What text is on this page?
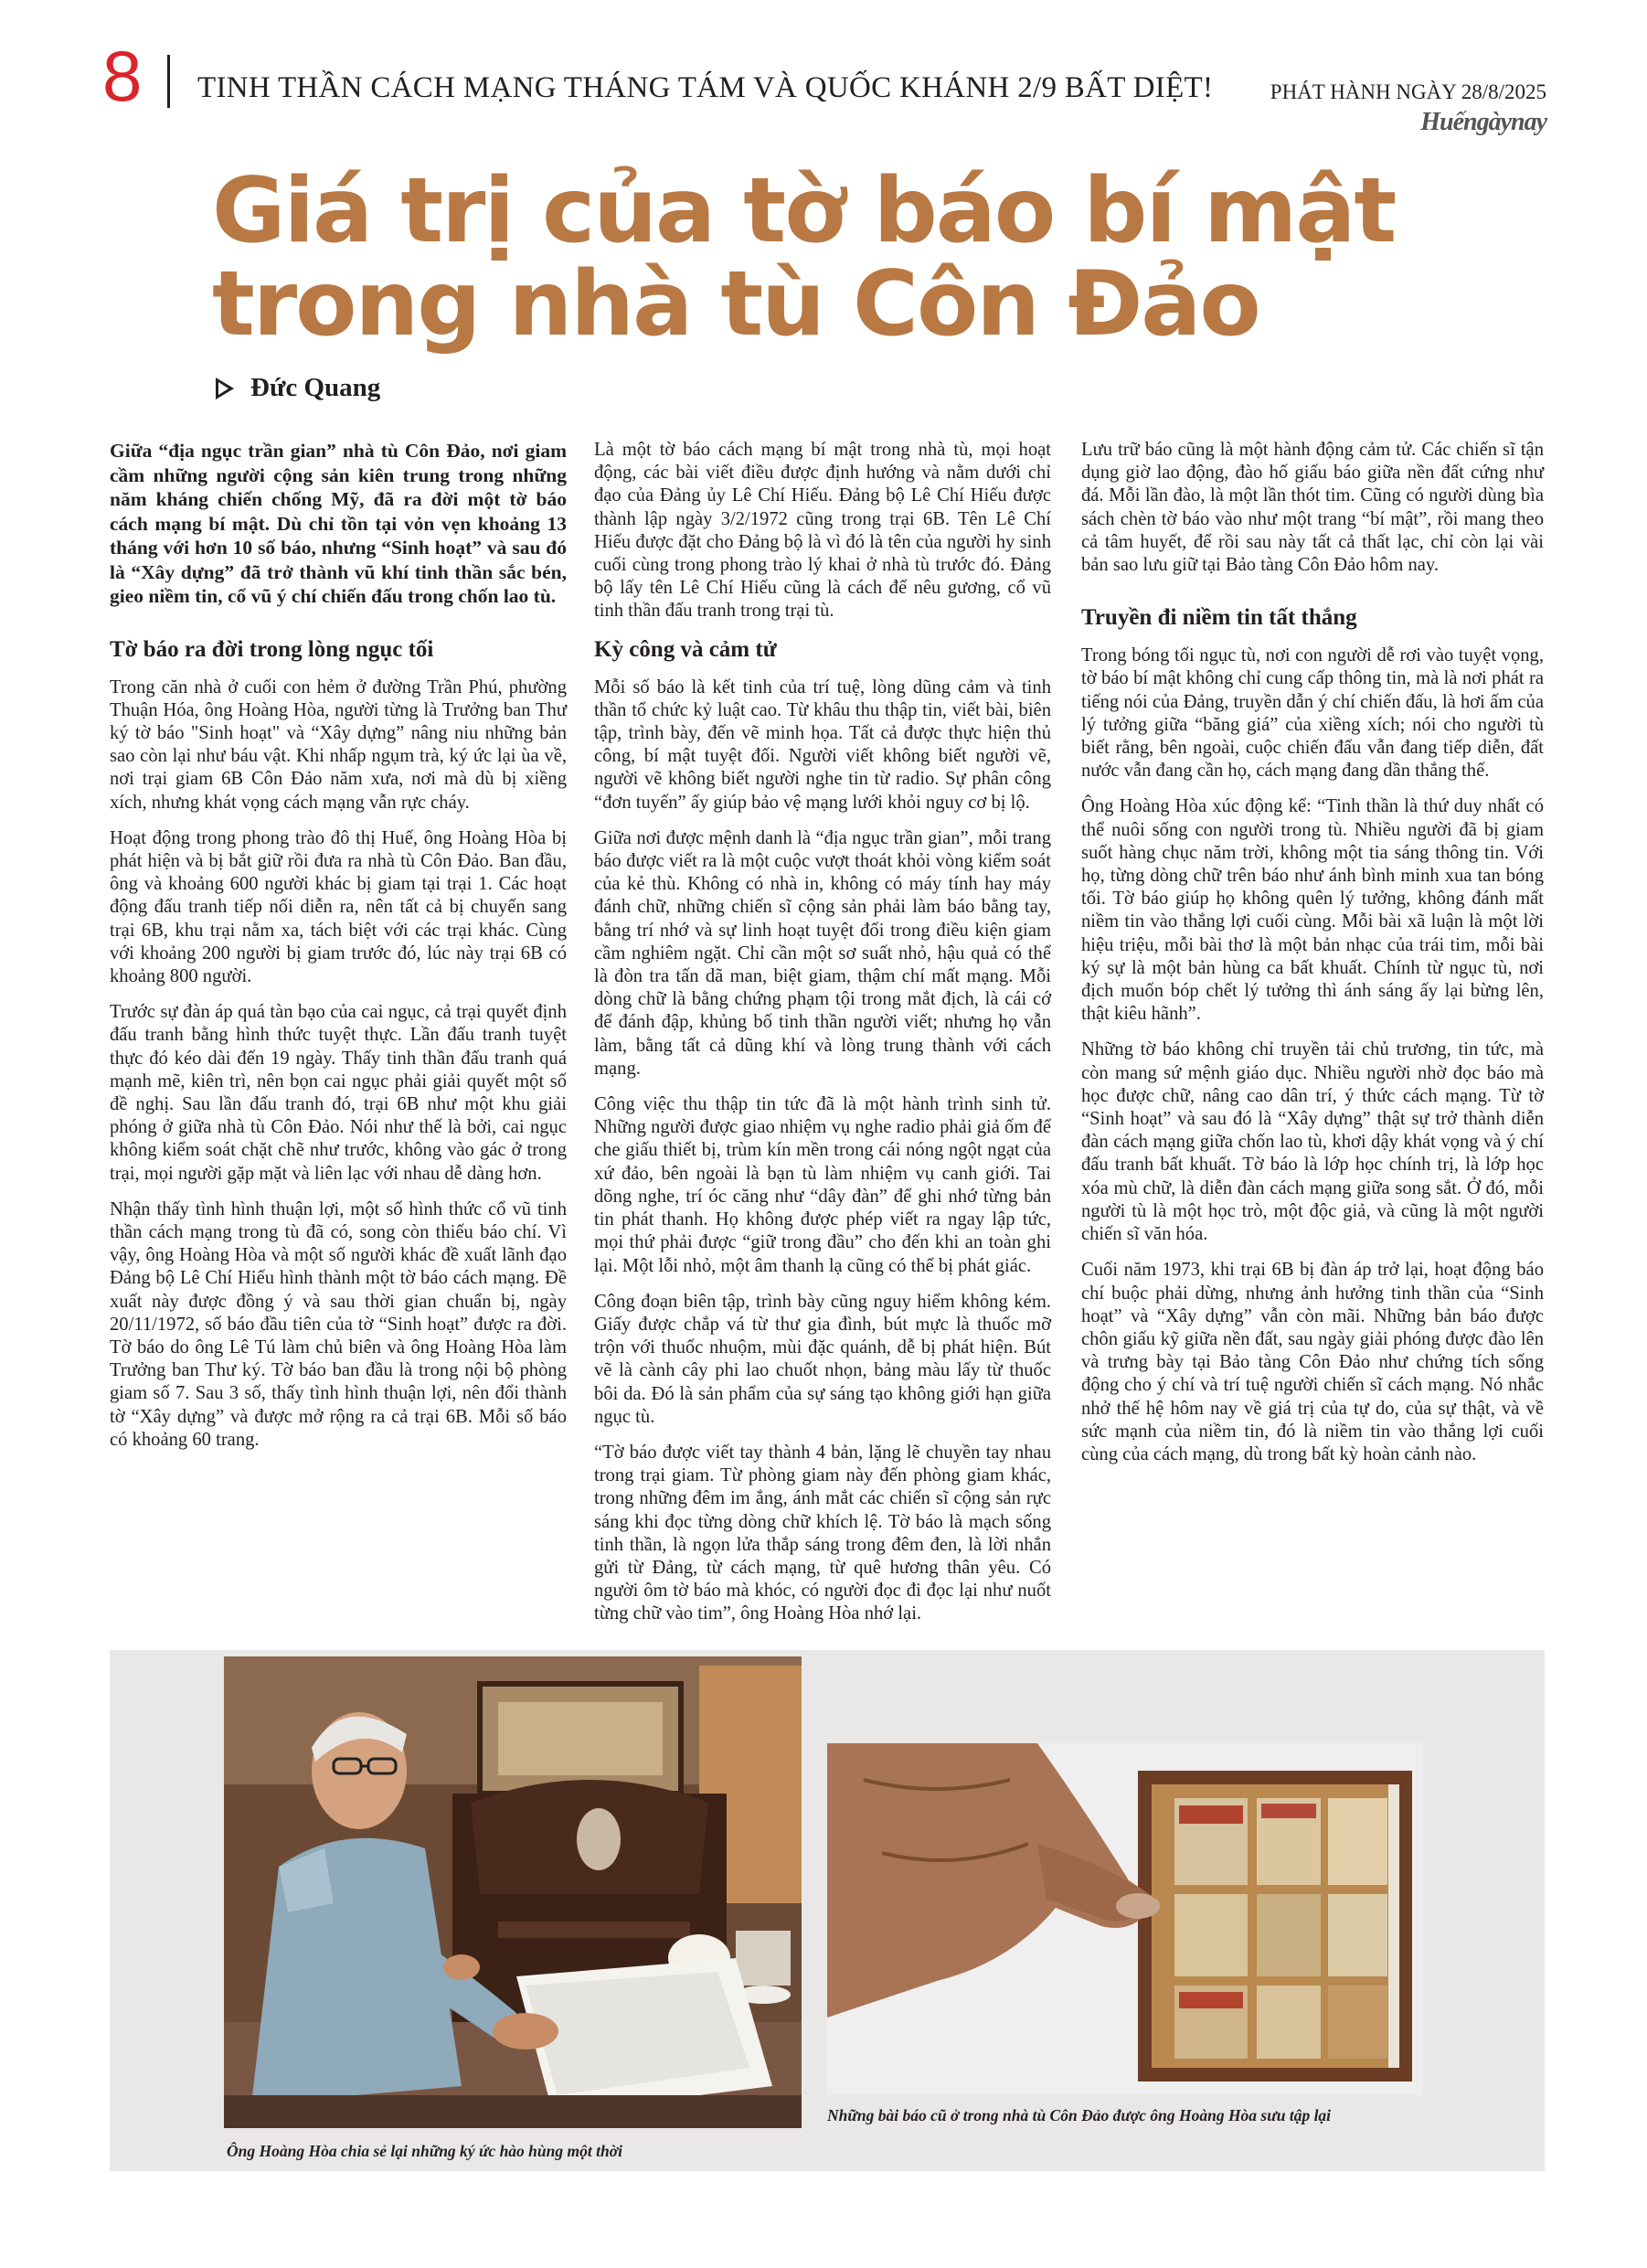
8 TINH THẦN CÁCH MẠNG THÁNG TÁM VÀ QUỐC KHÁNH 2/9 BẤT DIỆT!	PHÁT HÀNH NGÀY 28/8/2025
Huếngàynay
Giá trị của tờ báo bí mật
trong nhà tù Côn Đảo
Đức Quang

Giữa “địa ngục trần gian” nhà tù Côn Đảo, nơi giam cầm những người cộng sản kiên trung trong những năm kháng chiến chống Mỹ, đã ra đời một tờ báo cách mạng bí mật. Dù chỉ tồn tại vỏn vẹn khoảng 13 tháng với hơn 10 số báo, nhưng “Sinh hoạt” và sau đó là “Xây dựng” đã trở thành vũ khí tinh thần sắc bén, gieo niềm tin, cổ vũ ý chí chiến đấu trong chốn lao tù.

Tờ báo ra đời trong lòng ngục tối

Trong căn nhà ở cuối con hẻm ở đường Trần Phú, phường Thuận Hóa, ông Hoàng Hòa, người từng là Trưởng ban Thư ký tờ báo "Sinh hoạt" và “Xây dựng” nâng niu những bản sao còn lại như báu vật. Khi nhấp ngụm trà, ký ức lại ùa về, nơi trại giam 6B Côn Đảo năm xưa, nơi mà dù bị xiềng xích, nhưng khát vọng cách mạng vẫn rực cháy.

Hoạt động trong phong trào đô thị Huế, ông Hoàng Hòa bị phát hiện và bị bắt giữ rồi đưa ra nhà tù Côn Đảo. Ban đầu, ông và khoảng 600 người khác bị giam tại trại 1. Các hoạt động đấu tranh tiếp nối diễn ra, nên tất cả bị chuyển sang trại 6B, khu trại nằm xa, tách biệt với các trại khác. Cùng với khoảng 200 người bị giam trước đó, lúc này trại 6B có khoảng 800 người.

Trước sự đàn áp quá tàn bạo của cai ngục, cả trại quyết định đấu tranh bằng hình thức tuyệt thực. Lần đấu tranh tuyệt thực đó kéo dài đến 19 ngày. Thấy tinh thần đấu tranh quá mạnh mẽ, kiên trì, nên bọn cai ngục phải giải quyết một số đề nghị. Sau lần đấu tranh đó, trại 6B như một khu giải phóng ở giữa nhà tù Côn Đảo. Nói như thế là bởi, cai ngục không kiểm soát chặt chẽ như trước, không vào gác ở trong trại, mọi người gặp mặt và liên lạc với nhau dễ dàng hơn.

Nhận thấy tình hình thuận lợi, một số hình thức cổ vũ tinh thần cách mạng trong tù đã có, song còn thiếu báo chí. Vì vậy, ông Hoàng Hòa và một số người khác đề xuất lãnh đạo Đảng bộ Lê Chí Hiếu hình thành một tờ báo cách mạng. Đề xuất này được đồng ý và sau thời gian chuẩn bị, ngày 20/11/1972, số báo đầu tiên của tờ “Sinh hoạt” được ra đời. Tờ báo do ông Lê Tú làm chủ biên và ông Hoàng Hòa làm Trưởng ban Thư ký. Tờ báo ban đầu là trong nội bộ phòng giam số 7. Sau 3 số, thấy tình hình thuận lợi, nên đổi thành tờ “Xây dựng” và được mở rộng ra cả trại 6B. Mỗi số báo có khoảng 60 trang.

Là một tờ báo cách mạng bí mật trong nhà tù, mọi hoạt động, các bài viết điều được định hướng và nằm dưới chỉ đạo của Đảng ủy Lê Chí Hiếu. Đảng bộ Lê Chí Hiếu được thành lập ngày 3/2/1972 cũng trong trại 6B. Tên Lê Chí Hiếu được đặt cho Đảng bộ là vì đó là tên của người hy sinh cuối cùng trong phong trào lý khai ở nhà tù trước đó. Đảng bộ lấy tên Lê Chí Hiếu cũng là cách để nêu gương, cổ vũ tinh thần đấu tranh trong trại tù.

Kỳ công và cảm tử

Mỗi số báo là kết tinh của trí tuệ, lòng dũng cảm và tinh thần tổ chức kỷ luật cao. Từ khâu thu thập tin, viết bài, biên tập, trình bày, đến vẽ minh họa. Tất cả được thực hiện thủ công, bí mật tuyệt đối. Người viết không biết người vẽ, người vẽ không biết người nghe tin từ radio. Sự phân công “đơn tuyến” ấy giúp bảo vệ mạng lưới khỏi nguy cơ bị lộ.

Giữa nơi được mệnh danh là “địa ngục trần gian”, mỗi trang báo được viết ra là một cuộc vượt thoát khỏi vòng kiểm soát của kẻ thù. Không có nhà in, không có máy tính hay máy đánh chữ, những chiến sĩ cộng sản phải làm báo bằng tay, bằng trí nhớ và sự linh hoạt tuyệt đối trong điều kiện giam cầm nghiêm ngặt. Chỉ cần một sơ suất nhỏ, hậu quả có thể là đòn tra tấn dã man, biệt giam, thậm chí mất mạng. Mỗi dòng chữ là bằng chứng phạm tội trong mắt địch, là cái cớ để đánh đập, khủng bố tinh thần người viết; nhưng họ vẫn làm, bằng tất cả dũng khí và lòng trung thành với cách mạng.

Công việc thu thập tin tức đã là một hành trình sinh tử. Những người được giao nhiệm vụ nghe radio phải giả ốm để che giấu thiết bị, trùm kín mền trong cái nóng ngột ngạt của xứ đảo, bên ngoài là bạn tù làm nhiệm vụ canh giới. Tai dõng nghe, trí óc căng như “dây đàn” để ghi nhớ từng bản tin phát thanh. Họ không được phép viết ra ngay lập tức, mọi thứ phải được “giữ trong đầu” cho đến khi an toàn ghi lại. Một lỗi nhỏ, một âm thanh lạ cũng có thể bị phát giác.

Công đoạn biên tập, trình bày cũng nguy hiểm không kém. Giấy được chắp vá từ thư gia đình, bút mực là thuốc mỡ trộn với thuốc nhuộm, mùi đặc quánh, dễ bị phát hiện. Bút vẽ là cành cây phi lao chuốt nhọn, bảng màu lấy từ thuốc bôi da. Đó là sản phẩm của sự sáng tạo không giới hạn giữa ngục tù.

“Tờ báo được viết tay thành 4 bản, lặng lẽ chuyền tay nhau trong trại giam. Từ phòng giam này đến phòng giam khác, trong những đêm im ắng, ánh mắt các chiến sĩ cộng sản rực sáng khi đọc từng dòng chữ khích lệ. Tờ báo là mạch sống tinh thần, là ngọn lửa thắp sáng trong đêm đen, là lời nhắn gửi từ Đảng, từ cách mạng, từ quê hương thân yêu. Có người ôm tờ báo mà khóc, có người đọc đi đọc lại như nuốt từng chữ vào tim”, ông Hoàng Hòa nhớ lại.

Lưu trữ báo cũng là một hành động cảm tử. Các chiến sĩ tận dụng giờ lao động, đào hố giấu báo giữa nền đất cứng như đá. Mỗi lần đào, là một lần thót tim. Cũng có người dùng bìa sách chèn tờ báo vào như một trang “bí mật”, rồi mang theo cả tâm huyết, để rồi sau này tất cả thất lạc, chỉ còn lại vài bản sao lưu giữ tại Bảo tàng Côn Đảo hôm nay.

Truyền đi niềm tin tất thắng

Trong bóng tối ngục tù, nơi con người dễ rơi vào tuyệt vọng, tờ báo bí mật không chỉ cung cấp thông tin, mà là nơi phát ra tiếng nói của Đảng, truyền dẫn ý chí chiến đấu, là hơi ấm của lý tưởng giữa “băng giá” của xiềng xích; nói cho người tù biết rằng, bên ngoài, cuộc chiến đấu vẫn đang tiếp diễn, đất nước vẫn đang cần họ, cách mạng đang dần thắng thế.

Ông Hoàng Hòa xúc động kể: “Tinh thần là thứ duy nhất có thể nuôi sống con người trong tù. Nhiều người đã bị giam suốt hàng chục năm trời, không một tia sáng thông tin. Với họ, từng dòng chữ trên báo như ánh bình minh xua tan bóng tối. Tờ báo giúp họ không quên lý tưởng, không đánh mất niềm tin vào thắng lợi cuối cùng. Mỗi bài xã luận là một lời hiệu triệu, mỗi bài thơ là một bản nhạc của trái tim, mỗi bài ký sự là một bản hùng ca bất khuất. Chính từ ngục tù, nơi địch muốn bóp chết lý tưởng thì ánh sáng ấy lại bừng lên, thật kiêu hãnh”.

Những tờ báo không chỉ truyền tải chủ trương, tin tức, mà còn mang sứ mệnh giáo dục. Nhiều người nhờ đọc báo mà học được chữ, nâng cao dân trí, ý thức cách mạng. Từ tờ “Sinh hoạt” và sau đó là “Xây dựng” thật sự trở thành diễn đàn cách mạng giữa chốn lao tù, khơi dậy khát vọng và ý chí đấu tranh bất khuất. Tờ báo là lớp học chính trị, là lớp học xóa mù chữ, là diễn đàn cách mạng giữa song sắt. Ở đó, mỗi người tù là một học trò, một độc giả, và cũng là một người chiến sĩ văn hóa.

Cuối năm 1973, khi trại 6B bị đàn áp trở lại, hoạt động báo chí buộc phải dừng, nhưng ảnh hưởng tinh thần của “Sinh hoạt” và “Xây dựng” vẫn còn mãi. Những bản báo được chôn giấu kỹ giữa nền đất, sau ngày giải phóng được đào lên và trưng bày tại Bảo tàng Côn Đảo như chứng tích sống động cho ý chí và trí tuệ người chiến sĩ cách mạng. Nó nhắc nhở thế hệ hôm nay về giá trị của tự do, của sự thật, và về sức mạnh của niềm tin, đó là niềm tin vào thắng lợi cuối cùng của cách mạng, dù trong bất kỳ hoàn cảnh nào.

Ông Hoàng Hòa chia sẻ lại những ký ức hào hùng một thời
Những bài báo cũ ở trong nhà tù Côn Đảo được ông Hoàng Hòa sưu tập lại
